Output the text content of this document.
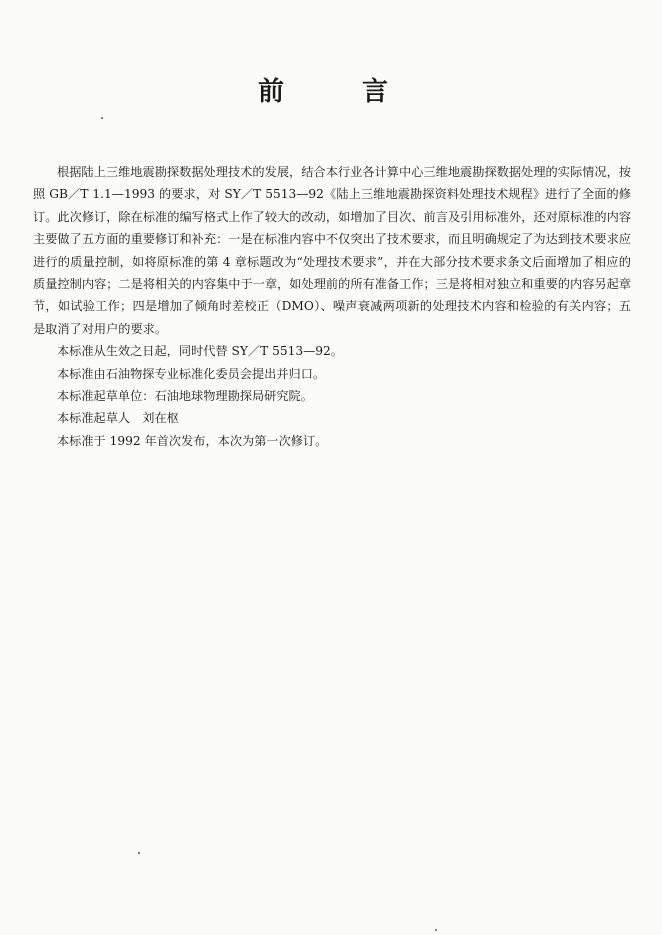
前	言

根据陆上三维地震勘探数据处理技术的发展，结合本行业各计算中心三维地震勘探数据处理的实际情况，按照 GB／T 1.1—1993 的要求，对 SY／T 5513—92《陆上三维地震勘探资料处理技术规程》进行了全面的修订。此次修订，除在标准的编写格式上作了较大的改动，如增加了目次、前言及引用标准外，还对原标准的内容主要做了五方面的重要修订和补充：一是在标准内容中不仅突出了技术要求，而且明确规定了为达到技术要求应进行的质量控制，如将原标准的第 4 章标题改为“处理技术要求”，并在大部分技术要求条文后面增加了相应的质量控制内容；二是将相关的内容集中于一章，如处理前的所有准备工作；三是将相对独立和重要的内容另起章节，如试验工作；四是增加了倾角时差校正（DMO）、噪声衰减两项新的处理技术内容和检验的有关内容；五是取消了对用户的要求。

本标准从生效之日起，同时代替 SY／T 5513—92。

本标准由石油物探专业标准化委员会提出并归口。

本标准起草单位：石油地球物理勘探局研究院。

本标准起草人　刘在枢

本标准于 1992 年首次发布，本次为第一次修订。
